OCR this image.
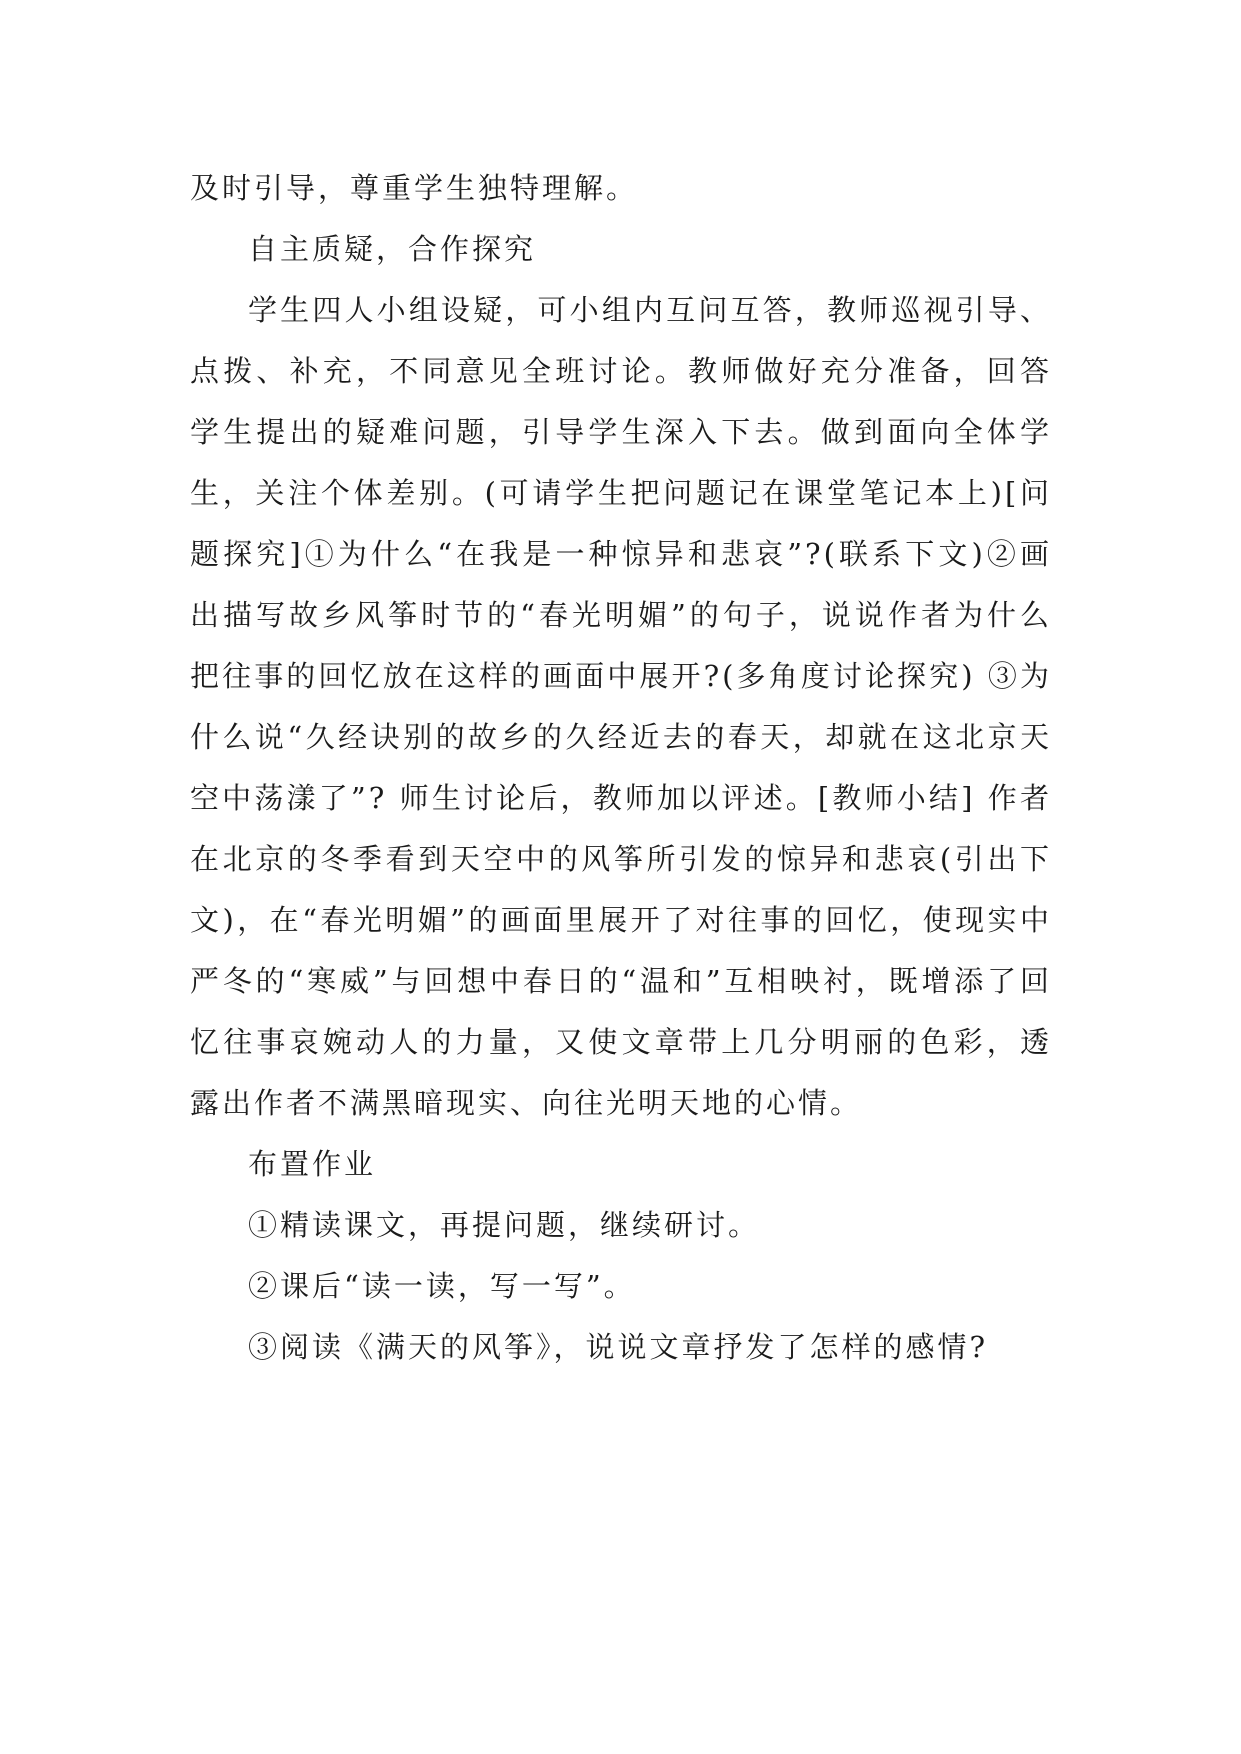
及时引导，尊重学生独特理解。

自主质疑，合作探究

学生四人小组设疑，可小组内互问互答，教师巡视引导、点拨、补充，不同意见全班讨论。教师做好充分准备，回答学生提出的疑难问题，引导学生深入下去。做到面向全体学生，关注个体差别。(可请学生把问题记在课堂笔记本上)[问题探究]①为什么“在我是一种惊异和悲哀”?(联系下文)②画出描写故乡风筝时节的“春光明媚”的句子，说说作者为什么把往事的回忆放在这样的画面中展开?(多角度讨论探究) ③为什么说“久经诀别的故乡的久经近去的春天，却就在这北京天空中荡漾了”? 师生讨论后，教师加以评述。[教师小结] 作者在北京的冬季看到天空中的风筝所引发的惊异和悲哀(引出下文)，在“春光明媚”的画面里展开了对往事的回忆，使现实中严冬的“寒威”与回想中春日的“温和”互相映衬，既增添了回忆往事哀婉动人的力量，又使文章带上几分明丽的色彩，透露出作者不满黑暗现实、向往光明天地的心情。

布置作业

①精读课文，再提问题，继续研讨。

②课后“读一读，写一写”。

③阅读《满天的风筝》，说说文章抒发了怎样的感情?
